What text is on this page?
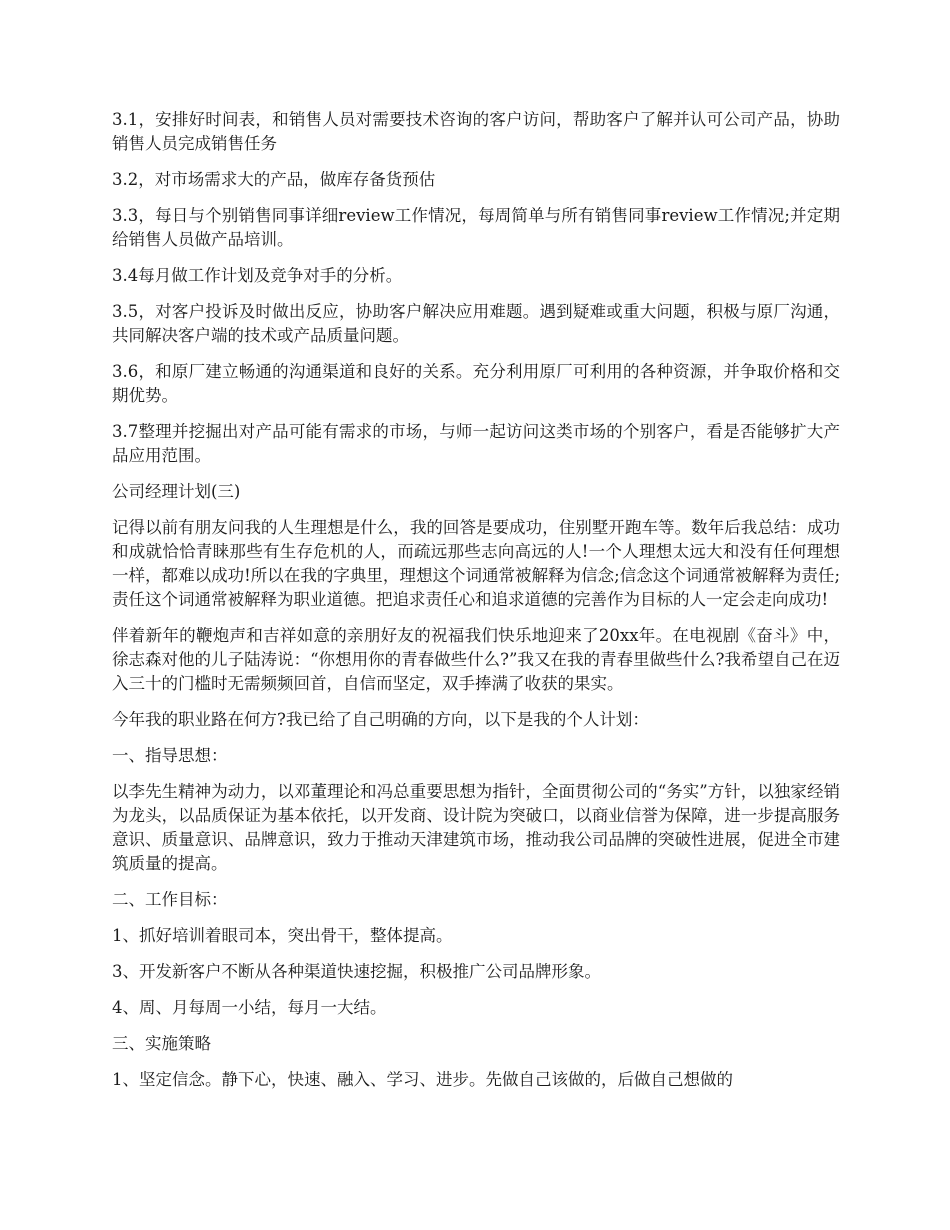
3.1，安排好时间表，和销售人员对需要技术咨询的客户访问，帮助客户了解并认可公司产品，协助销售人员完成销售任务

3.2，对市场需求大的产品，做库存备货预估

3.3，每日与个别销售同事详细review工作情况，每周简单与所有销售同事review工作情况;并定期给销售人员做产品培训。

3.4每月做工作计划及竞争对手的分析。

3.5，对客户投诉及时做出反应，协助客户解决应用难题。遇到疑难或重大问题，积极与原厂沟通，共同解决客户端的技术或产品质量问题。

3.6，和原厂建立畅通的沟通渠道和良好的关系。充分利用原厂可利用的各种资源，并争取价格和交期优势。

3.7整理并挖掘出对产品可能有需求的市场，与师一起访问这类市场的个别客户，看是否能够扩大产品应用范围。

公司经理计划(三)

记得以前有朋友问我的人生理想是什么，我的回答是要成功，住别墅开跑车等。数年后我总结：成功和成就恰恰青睐那些有生存危机的人，而疏远那些志向高远的人!一个人理想太远大和没有任何理想一样，都难以成功!所以在我的字典里，理想这个词通常被解释为信念;信念这个词通常被解释为责任;责任这个词通常被解释为职业道德。把追求责任心和追求道德的完善作为目标的人一定会走向成功!

伴着新年的鞭炮声和吉祥如意的亲朋好友的祝福我们快乐地迎来了20xx年。在电视剧《奋斗》中，徐志森对他的儿子陆涛说：“你想用你的青春做些什么?”我又在我的青春里做些什么?我希望自己在迈入三十的门槛时无需频频回首，自信而坚定，双手捧满了收获的果实。

今年我的职业路在何方?我已给了自己明确的方向，以下是我的个人计划：

一、指导思想：

以李先生精神为动力，以邓董理论和冯总重要思想为指针，全面贯彻公司的“务实”方针，以独家经销为龙头，以品质保证为基本依托，以开发商、设计院为突破口，以商业信誉为保障，进一步提高服务意识、质量意识、品牌意识，致力于推动天津建筑市场，推动我公司品牌的突破性进展，促进全市建筑质量的提高。

二、工作目标：

1、抓好培训着眼司本，突出骨干，整体提高。

3、开发新客户不断从各种渠道快速挖掘，积极推广公司品牌形象。

4、周、月每周一小结，每月一大结。

三、实施策略

1、坚定信念。静下心，快速、融入、学习、进步。先做自己该做的，后做自己想做的
